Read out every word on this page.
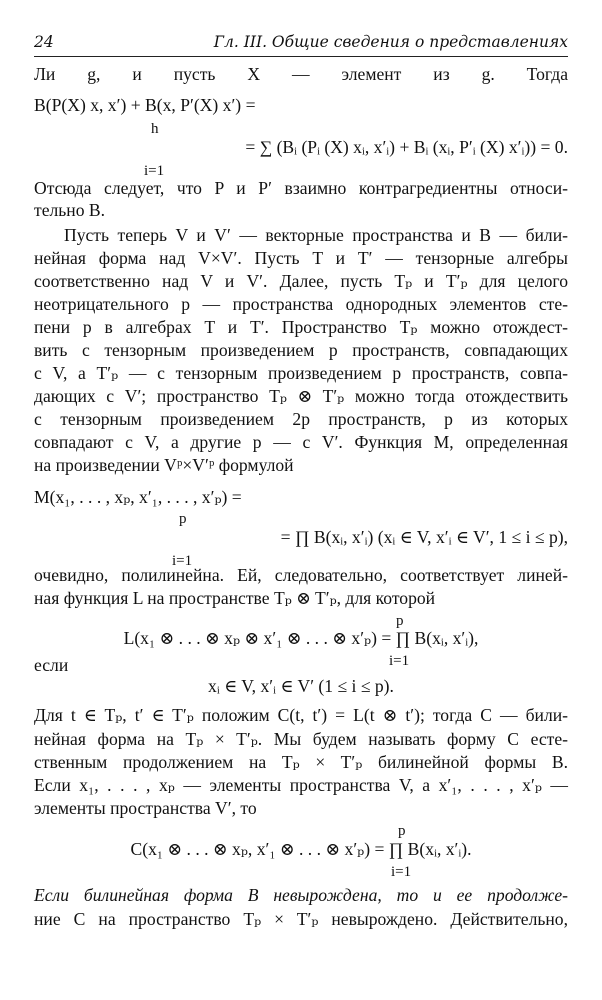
24	Гл. III. Общие сведения о представлениях
Ли g, и пусть X — элемент из g. Тогда
B(P(X) x, x′) + B(x, P′(X) x′) =
h
= ∑ (Bᵢ (Pᵢ (X) xᵢ, x′ᵢ) + Bᵢ (xᵢ, P′ᵢ (X) x′ᵢ)) = 0.
i=1
Отсюда следует, что P и P′ взаимно контрагредиентны относи-
тельно B.
Пусть теперь V и V′ — векторные пространства и B — били-
нейная форма над V×V′. Пусть T и T′ — тензорные алгебры
соответственно над V и V′. Далее, пусть Tₚ и T′ₚ для целого
неотрицательного p — пространства однородных элементов сте-
пени p в алгебрах T и T′. Пространство Tₚ можно отождест-
вить с тензорным произведением p пространств, совпадающих
с V, а T′ₚ — с тензорным произведением p пространств, совпа-
дающих с V′; пространство Tₚ ⊗ T′ₚ можно тогда отождествить
с тензорным произведением 2p пространств, p из которых
совпадают с V, а другие p — с V′. Функция M, определенная
на произведении Vᵖ×V′ᵖ формулой
M(x₁, . . . , xₚ, x′₁, . . . , x′ₚ) =
p
= ∏ B(xᵢ, x′ᵢ) (xᵢ ∈ V, x′ᵢ ∈ V′, 1 ≤ i ≤ p),
i=1
очевидно, полилинейна. Ей, следовательно, соответствует линей-
ная функция L на пространстве Tₚ ⊗ T′ₚ, для которой
p
L(x₁ ⊗ . . . ⊗ xₚ ⊗ x′₁ ⊗ . . . ⊗ x′ₚ) = ∏ B(xᵢ, x′ᵢ),
i=1
если
xᵢ ∈ V, x′ᵢ ∈ V′ (1 ≤ i ≤ p).
Для t ∈ Tₚ, t′ ∈ T′ₚ положим C(t, t′) = L(t ⊗ t′); тогда C — били-
нейная форма на Tₚ × T′ₚ. Мы будем называть форму C есте-
ственным продолжением на Tₚ × T′ₚ билинейной формы B.
Если x₁, . . . , xₚ — элементы пространства V, а x′₁, . . . , x′ₚ —
элементы пространства V′, то
p
C(x₁ ⊗ . . . ⊗ xₚ, x′₁ ⊗ . . . ⊗ x′ₚ) = ∏ B(xᵢ, x′ᵢ).
i=1
Если билинейная форма B невырождена, то и ее продолже-
ние C на пространство Tₚ × T′ₚ невырождено. Действительно,
